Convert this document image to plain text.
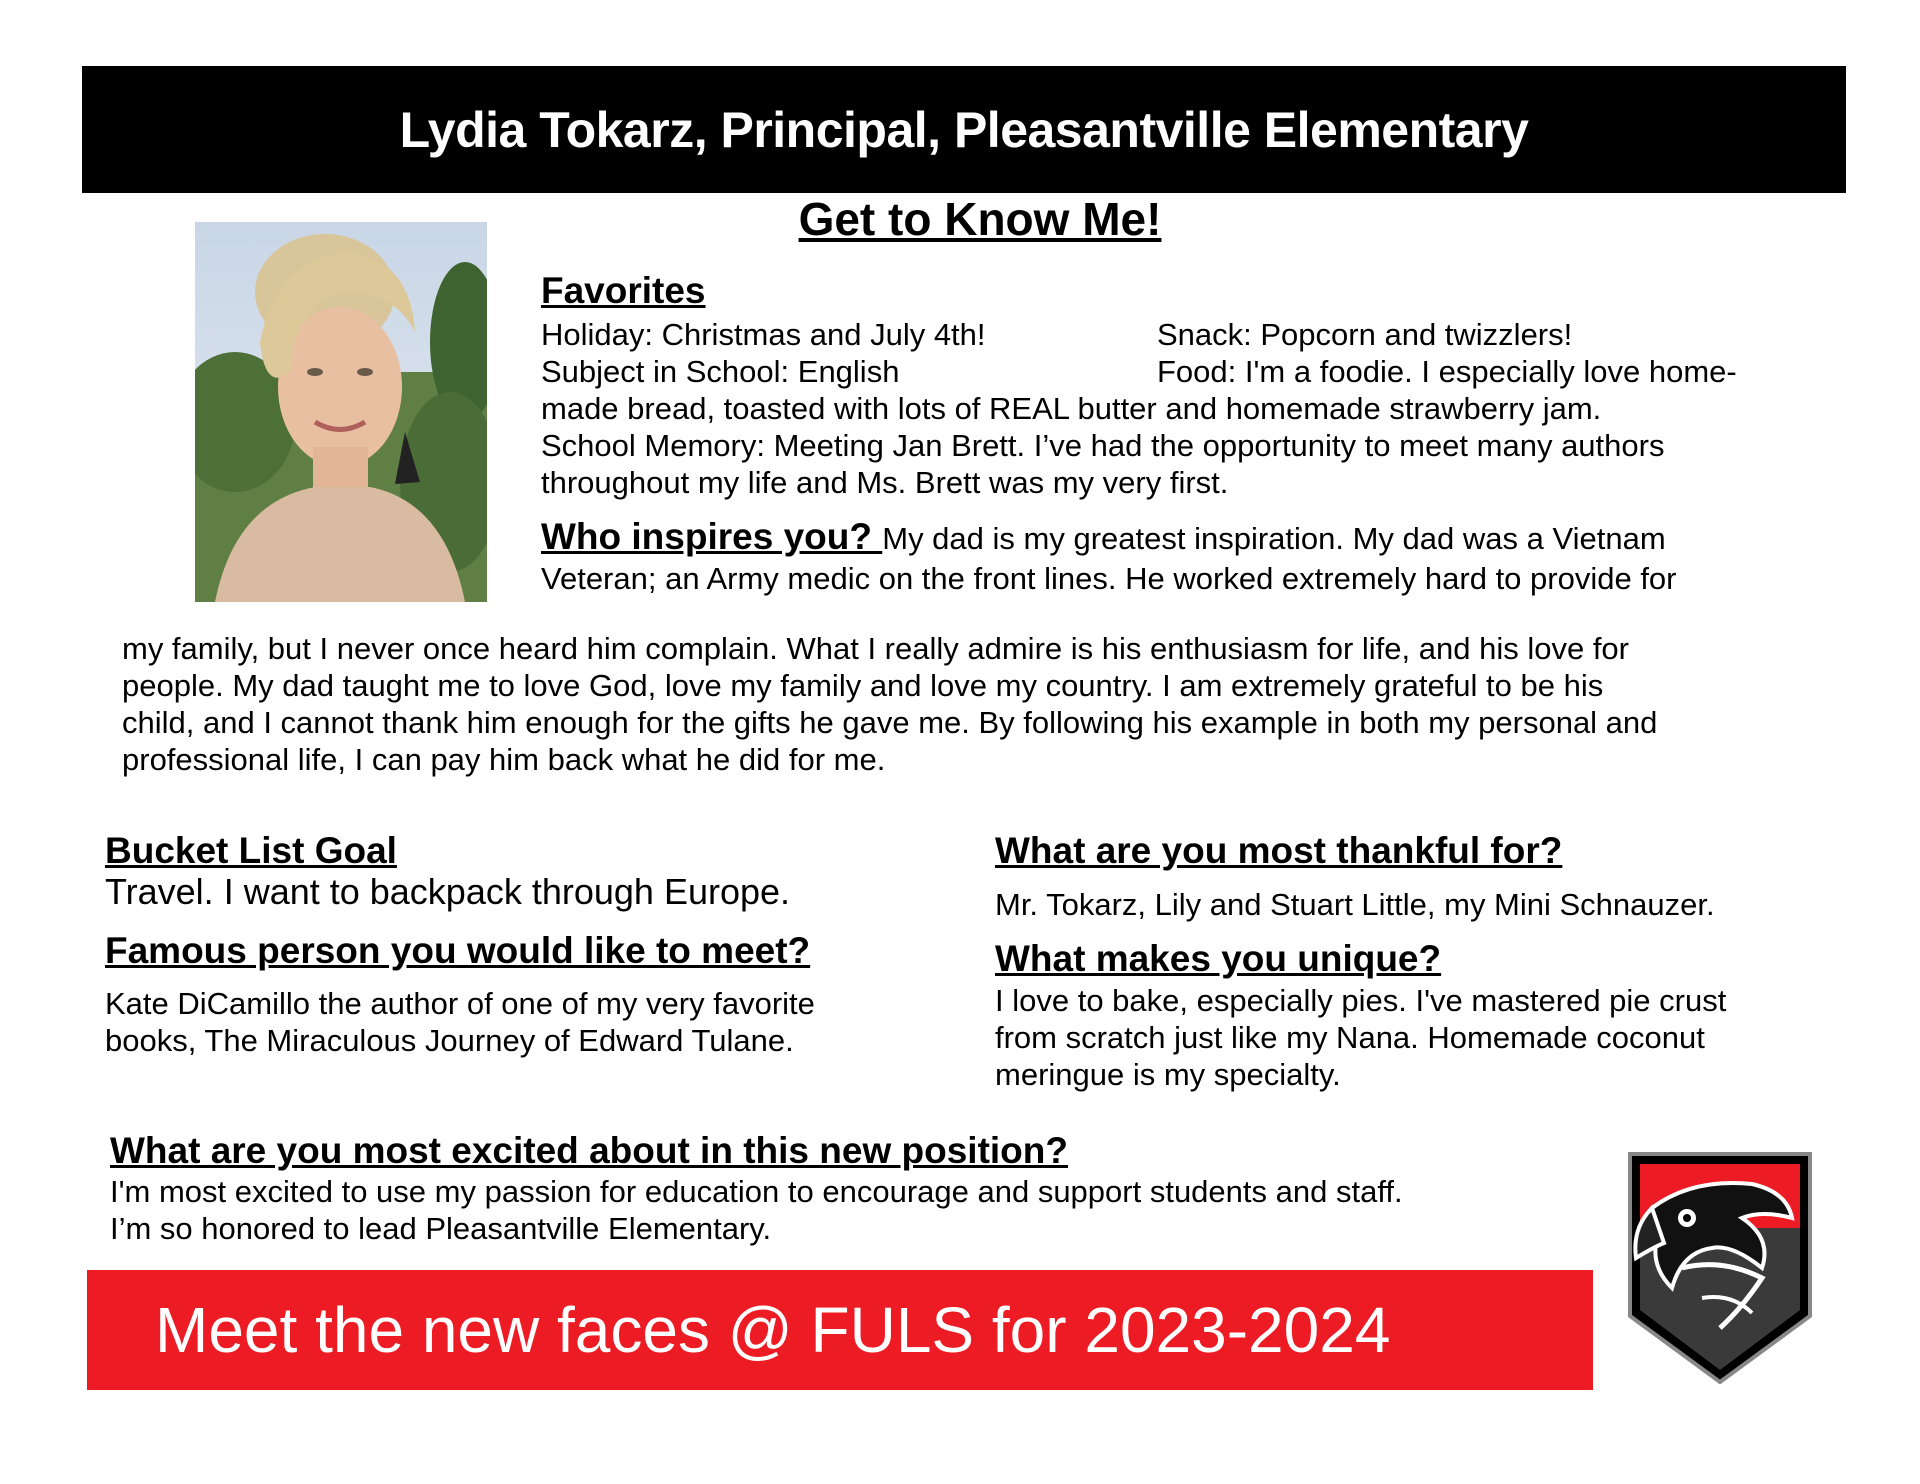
Lydia Tokarz, Principal, Pleasantville Elementary
Get to Know Me!
Favorites
Holiday: Christmas and July 4th!	Snack: Popcorn and twizzlers!
Subject in School: English	Food: I'm a foodie. I especially love home-
made bread, toasted with lots of REAL butter and homemade strawberry jam.
School Memory: Meeting Jan Brett. I’ve had the opportunity to meet many authors
throughout my life and Ms. Brett was my very first.
Who inspires you? My dad is my greatest inspiration. My dad was a Vietnam
Veteran; an Army medic on the front lines. He worked extremely hard to provide for
my family, but I never once heard him complain. What I really admire is his enthusiasm for life, and his love for
people. My dad taught me to love God, love my family and love my country. I am extremely grateful to be his
child, and I cannot thank him enough for the gifts he gave me. By following his example in both my personal and
professional life, I can pay him back what he did for me.
Bucket List Goal
Travel. I want to backpack through Europe.
Famous person you would like to meet?
Kate DiCamillo the author of one of my very favorite
books, The Miraculous Journey of Edward Tulane.
What are you most thankful for?
Mr. Tokarz, Lily and Stuart Little, my Mini Schnauzer.
What makes you unique?
I love to bake, especially pies. I've mastered pie crust
from scratch just like my Nana. Homemade coconut
meringue is my specialty.
What are you most excited about in this new position?
I'm most excited to use my passion for education to encourage and support students and staff.
I’m so honored to lead Pleasantville Elementary.
Meet the new faces @ FULS for 2023-2024
